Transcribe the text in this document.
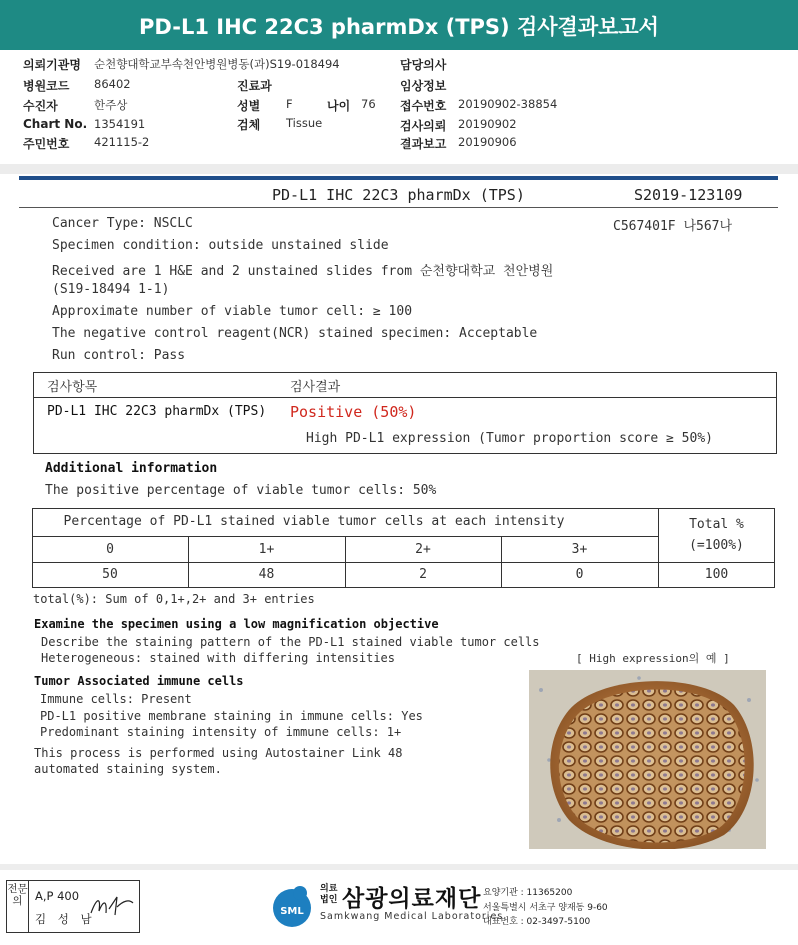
PD-L1 IHC 22C3 pharmDx (TPS) 검사결과보고서
의뢰기관명 순천향대학교부속천안병원병동(과)S19-018494
병원코드 86402
수진자	한주상
Chart No. 1354191
주민번호 421115-2
진료과
성별 F	나이 76
검체 Tissue
담당의사
임상정보
접수번호 20190902-38854
검사의뢰 20190902
결과보고 20190906
PD-L1 IHC 22C3 pharmDx (TPS)	S2019-123109
C567401F 나567나
Cancer Type: NSCLC
Specimen condition: outside unstained slide
Received are 1 H&E and 2 unstained slides from 순천향대학교 천안병원
(S19-18494 1-1)
Approximate number of viable tumor cell: ≥ 100
The negative control reagent(NCR) stained specimen: Acceptable
Run control: Pass
검사항목	검사결과
PD-L1 IHC 22C3 pharmDx (TPS) Positive (50%)
High PD-L1 expression (Tumor proportion score ≥ 50%)
Additional information
The positive percentage of viable tumor cells: 50%
Percentage of PD-L1 stained viable tumor cells at each intensity	Total %
(=100%)
0	1+	2+	3+
50	48	2	0	100
total(%): Sum of 0,1+,2+ and 3+ entries
Examine the specimen using a low magnification objective
Describe the staining pattern of the PD-L1 stained viable tumor cells
Heterogeneous: stained with differing intensities	[ High expression의 예 ]
Tumor Associated immune cells
Immune cells: Present
PD-L1 positive membrane staining in immune cells: Yes
Predominant staining intensity of immune cells: 1+
This process is performed using Autostainer Link 48
automated staining system.
전문의	A,P 400
김 성 남
SML
의료
법인 삼광의료재단
Samkwang Medical Laboratories
요양기관 : 11365200
서울특별시 서초구 양재동 9-60
대표번호 : 02-3497-5100
